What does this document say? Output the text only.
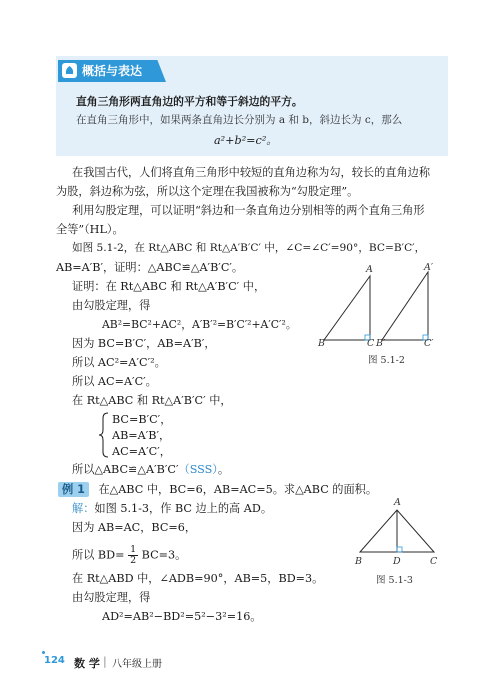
概括与表达
直角三角形两直角边的平方和等于斜边的平方。
在直角三角形中，如果两条直角边长分别为 a 和 b，斜边长为 c，那么
a²+b²=c²。
在我国古代，人们将直角三角形中较短的直角边称为勾，较长的直角边称
为股，斜边称为弦，所以这个定理在我国被称为“勾股定理”。
利用勾股定理，可以证明“斜边和一条直角边分别相等的两个直角三角形
全等”（HL）。
如图 5.1-2，在 Rt△ABC 和 Rt△A′B′C′ 中，∠C=∠C′=90°，BC=B′C′，
AB=A′B′，证明：△ABC≌△A′B′C′。
证明：在 Rt△ABC 和 Rt△A′B′C′ 中，
由勾股定理，得
AB²=BC²+AC²，A′B′²=B′C′²+A′C′²。
因为 BC=B′C′，AB=A′B′，
所以 AC²=A′C′²。
所以 AC=A′C′。
在 Rt△ABC 和 Rt△A′B′C′ 中，
BC=B′C′，
AB=A′B′，
AC=A′C′，
所以△ABC≌△A′B′C′（SSS）。
例 1 在△ABC 中，BC=6，AB=AC=5。求△ABC 的面积。
解：如图 5.1-3，作 BC 边上的高 AD。
因为 AB=AC，BC=6，
所以 $BD= \frac{1}{2} BC=3$。
在 Rt△ABD 中，∠ADB=90°，AB=5，BD=3。
由勾股定理，得
AD²=AB²−BD²=5²−3²=16。
A
B	C
A′
B′	C′
图 5.1-2
A
B	D	C
图 5.1-3
124 数 学 | 八年级上册
